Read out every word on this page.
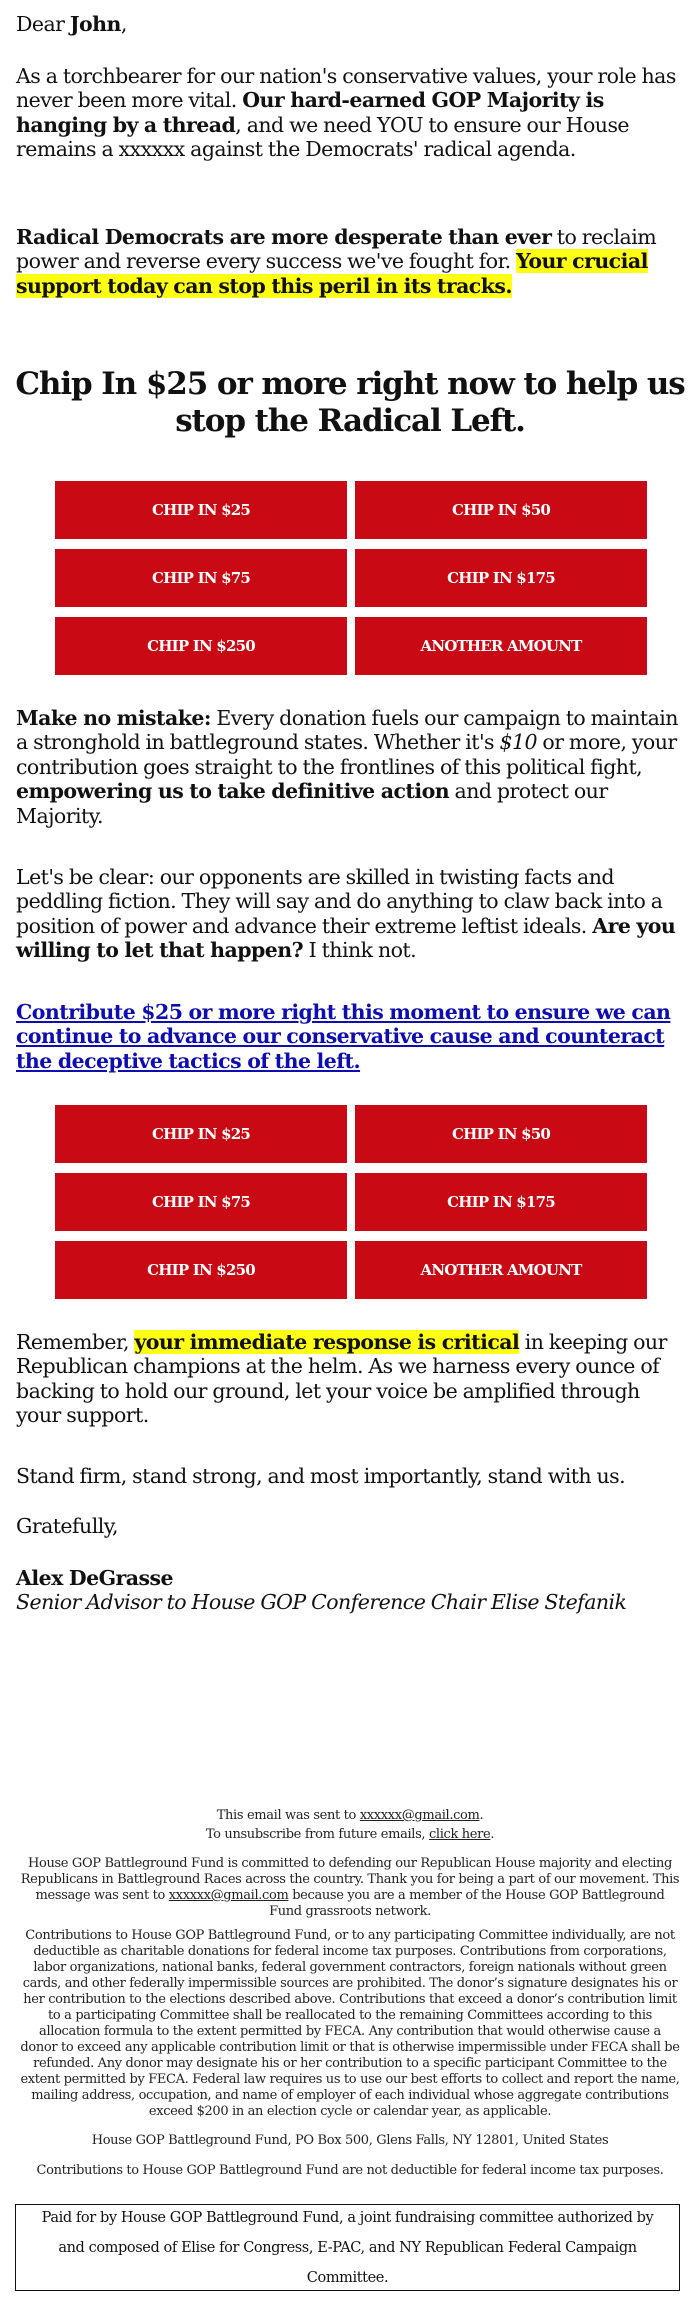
Dear John,

As a torchbearer for our nation's conservative values, your role has never been more vital. Our hard-earned GOP Majority is hanging by a thread, and we need YOU to ensure our House remains a xxxxxx against the Democrats' radical agenda.

Radical Democrats are more desperate than ever to reclaim power and reverse every success we've fought for. Your crucial support today can stop this peril in its tracks.

Chip In $25 or more right now to help us stop the Radical Left.
CHIP IN $25	CHIP IN $50
CHIP IN $75	CHIP IN $175
CHIP IN $250	ANOTHER AMOUNT

Make no mistake: Every donation fuels our campaign to maintain a stronghold in battleground states. Whether it's $10 or more, your contribution goes straight to the frontlines of this political fight, empowering us to take definitive action and protect our Majority.

Let's be clear: our opponents are skilled in twisting facts and peddling fiction. They will say and do anything to claw back into a position of power and advance their extreme leftist ideals. Are you willing to let that happen? I think not.

Contribute $25 or more right this moment to ensure we can continue to advance our conservative cause and counteract the deceptive tactics of the left.

CHIP IN $25	CHIP IN $50
CHIP IN $75	CHIP IN $175
CHIP IN $250	ANOTHER AMOUNT

Remember, your immediate response is critical in keeping our Republican champions at the helm. As we harness every ounce of backing to hold our ground, let your voice be amplified through your support.

Stand firm, stand strong, and most importantly, stand with us.

Gratefully,

Alex DeGrasse

Senior Advisor to House GOP Conference Chair Elise Stefanik

This email was sent to xxxxxx@gmail.com.

To unsubscribe from future emails, click here.

House GOP Battleground Fund is committed to defending our Republican House majority and electing Republicans in Battleground Races across the country. Thank you for being a part of our movement. This message was sent to xxxxxx@gmail.com because you are a member of the House GOP Battleground Fund grassroots network.

Contributions to House GOP Battleground Fund, or to any participating Committee individually, are not deductible as charitable donations for federal income tax purposes. Contributions from corporations, labor organizations, national banks, federal government contractors, foreign nationals without green cards, and other federally impermissible sources are prohibited. The donor’s signature designates his or her contribution to the elections described above. Contributions that exceed a donor’s contribution limit to a participating Committee shall be reallocated to the remaining Committees according to this allocation formula to the extent permitted by FECA. Any contribution that would otherwise cause a donor to exceed any applicable contribution limit or that is otherwise impermissible under FECA shall be refunded. Any donor may designate his or her contribution to a specific participant Committee to the extent permitted by FECA. Federal law requires us to use our best efforts to collect and report the name, mailing address, occupation, and name of employer of each individual whose aggregate contributions exceed $200 in an election cycle or calendar year, as applicable.

House GOP Battleground Fund, PO Box 500, Glens Falls, NY 12801, United States

Contributions to House GOP Battleground Fund are not deductible for federal income tax purposes.

Paid for by House GOP Battleground Fund, a joint fundraising committee authorized by and composed of Elise for Congress, E-PAC, and NY Republican Federal Campaign Committee.
